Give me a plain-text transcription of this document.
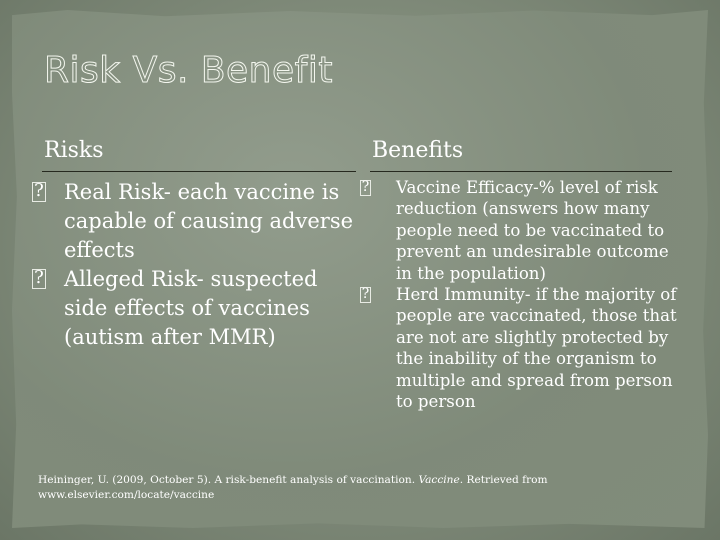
Risk Vs. Benefit
Risks	Benefits
? Real Risk- each vaccine is capable of causing adverse effects
? Alleged Risk- suspected side effects of vaccines (autism after MMR)
? Vaccine Efficacy-% level of risk reduction (answers how many people need to be vaccinated to prevent an undesirable outcome in the population)
? Herd Immunity- if the majority of people are vaccinated, those that are not are slightly protected by the inability of the organism to multiple and spread from person to person

Heininger, U. (2009, October 5). A risk-benefit analysis of vaccination. Vaccine. Retrieved from www.elsevier.com/locate/vaccine
